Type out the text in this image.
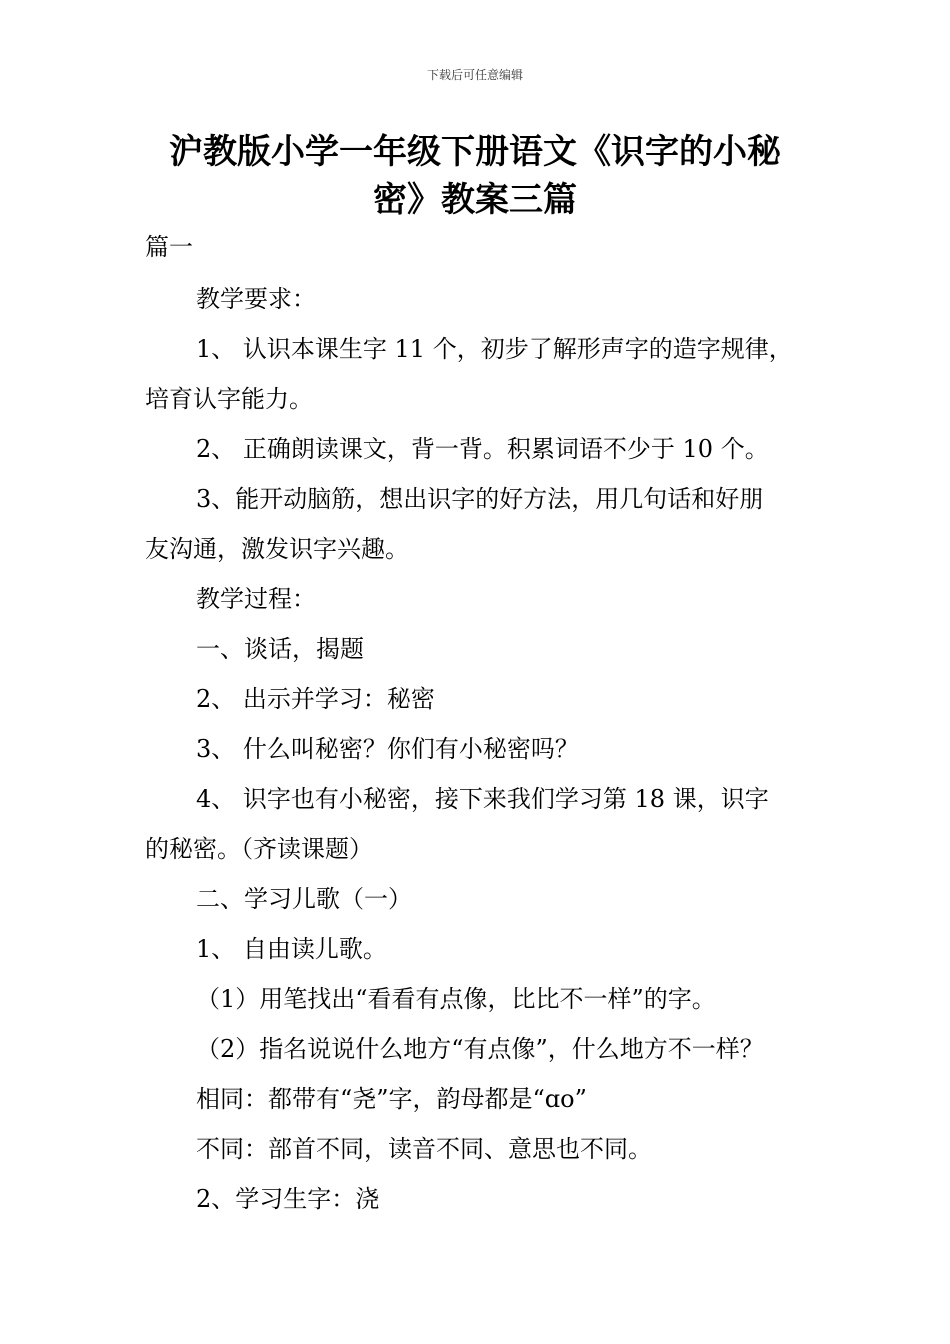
下载后可任意编辑
沪教版小学一年级下册语文《识字的小秘
密》教案三篇
篇一
教学要求：
1、 认识本课生字 11 个，初步了解形声字的造字规律，
培育认字能力。
2、 正确朗读课文，背一背。积累词语不少于 10 个。
3、能开动脑筋，想出识字的好方法，用几句话和好朋
友沟通，激发识字兴趣。
教学过程：
一、谈话，揭题
2、 出示并学习：秘密
3、 什么叫秘密？你们有小秘密吗？
4、 识字也有小秘密，接下来我们学习第 18 课，识字
的秘密。（齐读课题）
二、学习儿歌（一）
1、 自由读儿歌。
（1）用笔找出“看看有点像，比比不一样”的字。
（2）指名说说什么地方“有点像”，什么地方不一样？
相同：都带有“尧”字，韵母都是“ɑo”
不同：部首不同，读音不同、意思也不同。
2、学习生字：浇
